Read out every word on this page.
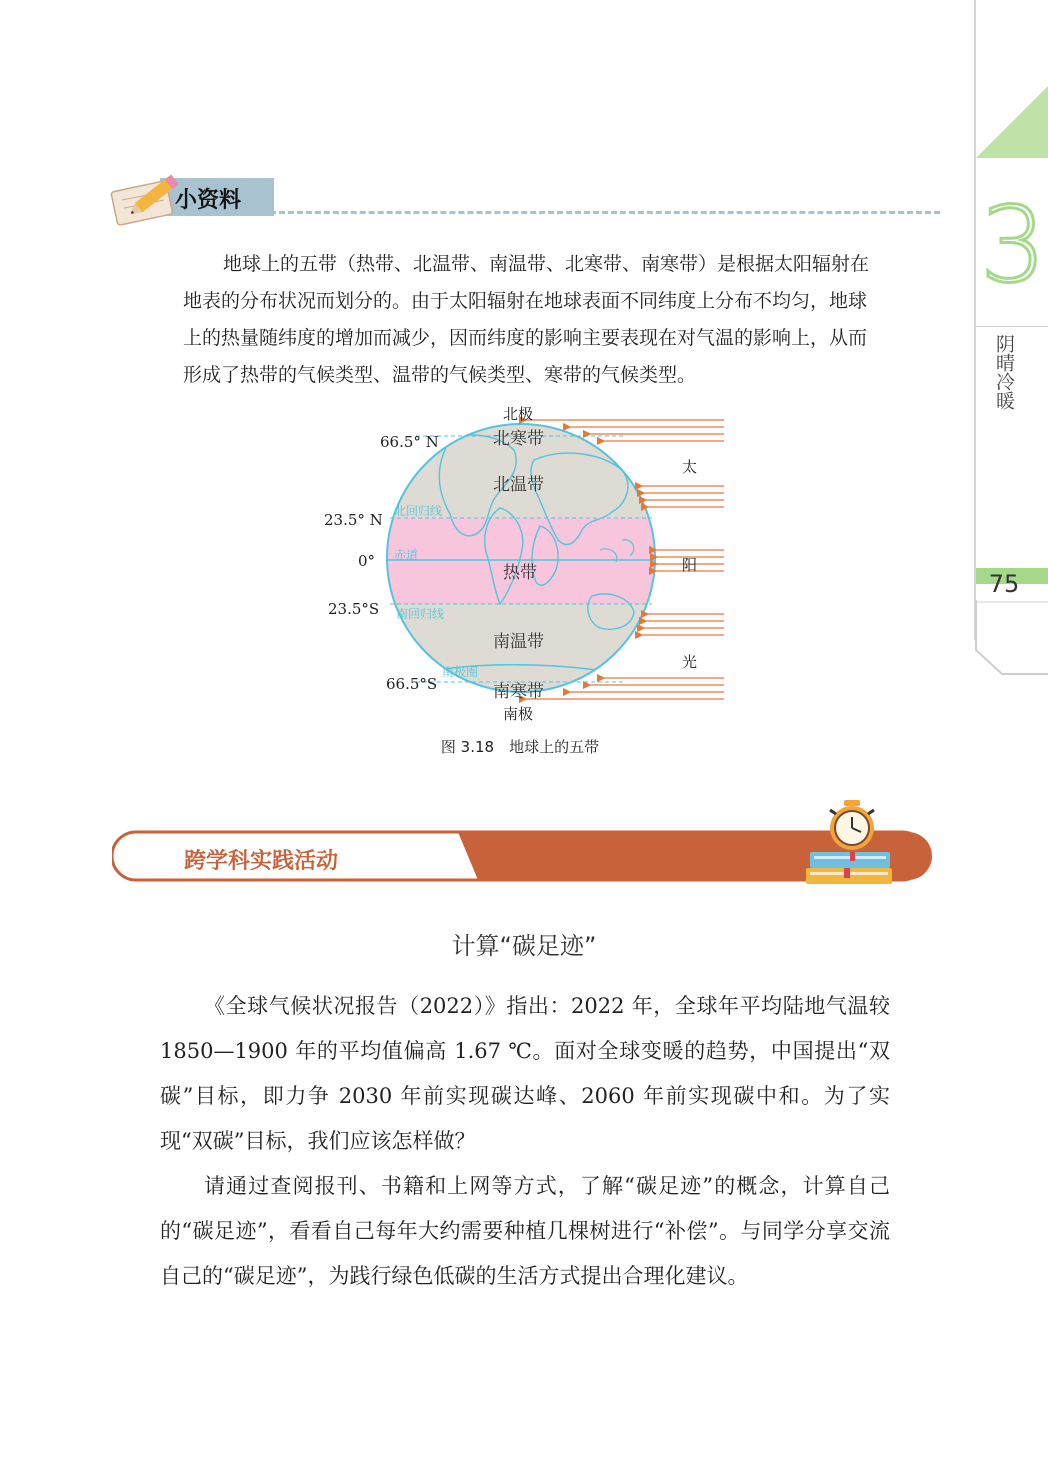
3
阴晴冷暖
75
小资料

地球上的五带（热带、北温带、南温带、北寒带、南寒带）是根据太阳辐射在地表的分布状况而划分的。由于太阳辐射在地球表面不同纬度上分布不均匀，地球上的热量随纬度的增加而减少，因而纬度的影响主要表现在对气温的影响上，从而形成了热带的气候类型、温带的气候类型、寒带的气候类型。

北极
南极
66.5° N
23.5° N
0°
23.5°S
66.5°S
北寒带
北温带
热带
南温带
南寒带
北回归线
赤道
南回归线
南极圈
太
阳
光
图 3.18　地球上的五带
跨学科实践活动
计算“碳足迹”

《全球气候状况报告（2022）》指出：2022 年，全球年平均陆地气温较 1850—1900 年的平均值偏高 1.67 ℃。面对全球变暖的趋势，中国提出“双碳”目标，即力争 2030 年前实现碳达峰、2060 年前实现碳中和。为了实现“双碳”目标，我们应该怎样做？

请通过查阅报刊、书籍和上网等方式，了解“碳足迹”的概念，计算自己的“碳足迹”，看看自己每年大约需要种植几棵树进行“补偿”。与同学分享交流自己的“碳足迹”，为践行绿色低碳的生活方式提出合理化建议。
